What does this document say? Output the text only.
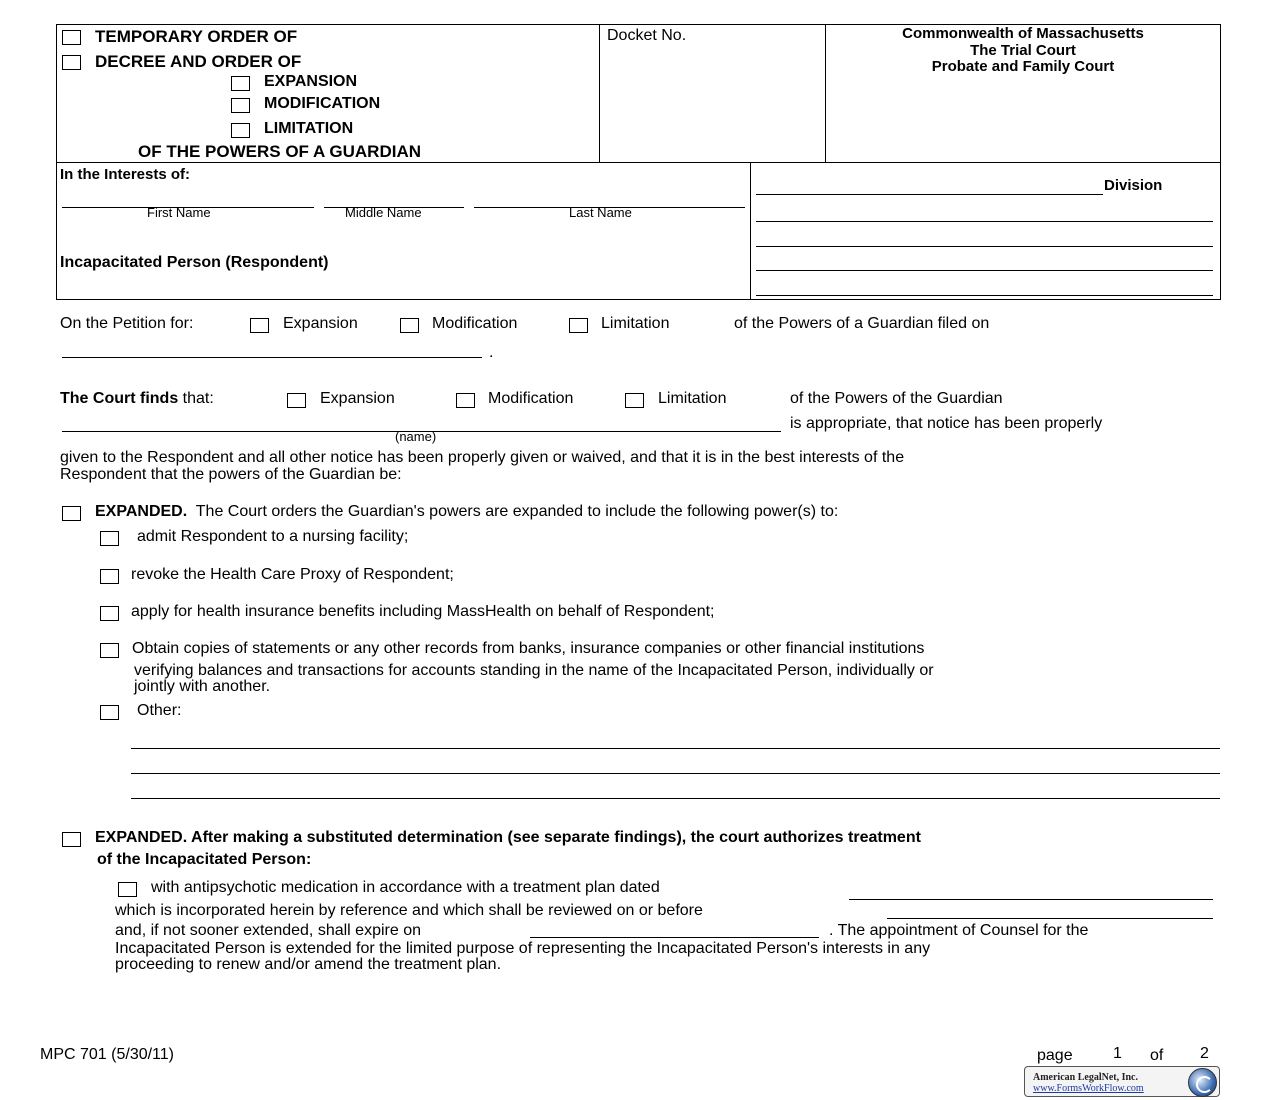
TEMPORARY ORDER OF
DECREE AND ORDER OF
EXPANSION
MODIFICATION
LIMITATION
OF THE POWERS OF A GUARDIAN
Docket No.	Commonwealth of Massachusetts
The Trial Court
Probate and Family Court
In the Interests of:
First Name	Middle Name	Last Name
Incapacitated Person (Respondent)
Division
On the Petition for:	Expansion	Modification	Limitation	of the Powers of a Guardian filed on
.
The Court finds that:	Expansion	Modification	Limitation	of the Powers of the Guardian
(name)
is appropriate, that notice has been properly
given to the Respondent and all other notice has been properly given or waived, and that it is in the best interests of the
Respondent that the powers of the Guardian be:
EXPANDED. The Court orders the Guardian's powers are expanded to include the following power(s) to:
admit Respondent to a nursing facility;
revoke the Health Care Proxy of Respondent;
apply for health insurance benefits including MassHealth on behalf of Respondent;
Obtain copies of statements or any other records from banks, insurance companies or other financial institutions
verifying balances and transactions for accounts standing in the name of the Incapacitated Person, individually or
jointly with another.
Other:
EXPANDED. After making a substituted determination (see separate findings), the court authorizes treatment
of the Incapacitated Person:
with antipsychotic medication in accordance with a treatment plan dated
which is incorporated herein by reference and which shall be reviewed on or before
and, if not sooner extended, shall expire on	. The appointment of Counsel for the
Incapacitated Person is extended for the limited purpose of representing the Incapacitated Person's interests in any
proceeding to renew and/or amend the treatment plan.
MPC 701 (5/30/11)	page	1 of 2
American LegalNet, Inc.
www.FormsWorkFlow.com
